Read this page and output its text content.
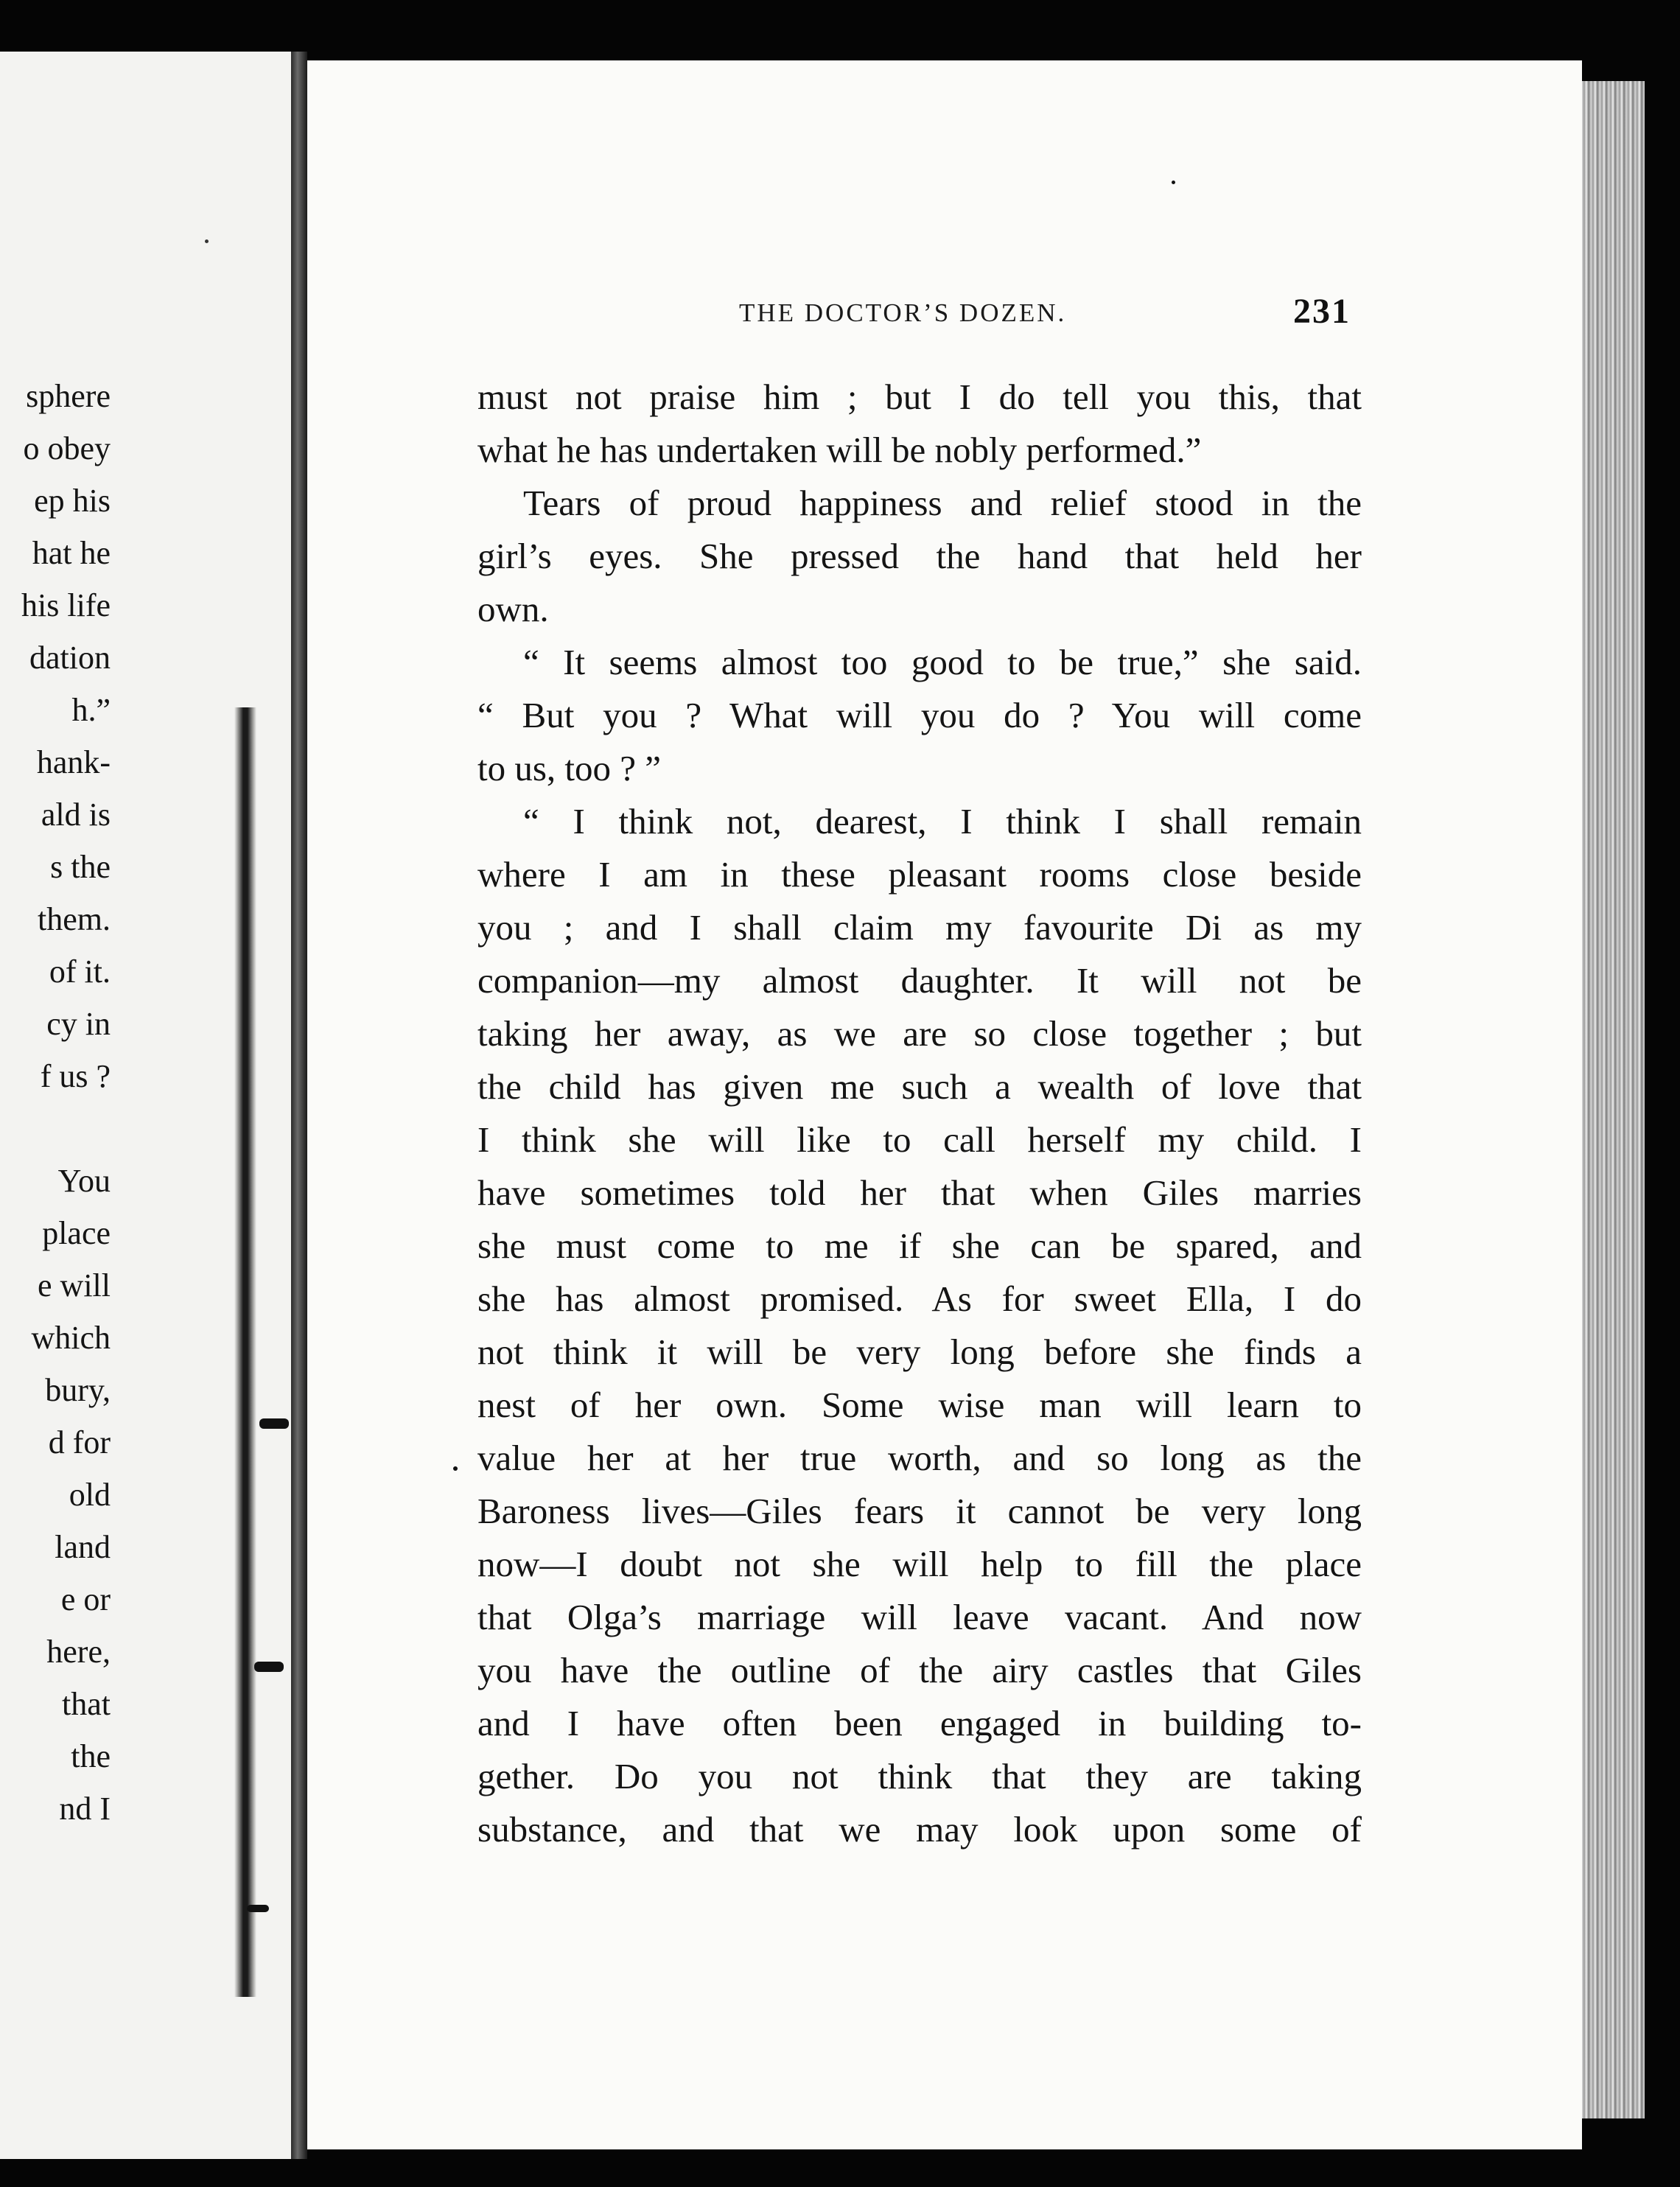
sphere
o obey
ep his
hat he
his life
dation
h.”
hank-
ald is
s the
them.
of it.
cy in
f us ?
You
place
e will
which
bury,
d for
old
land
e or
here,
that
the
nd I
THE DOCTOR’S DOZEN.	231
must not praise him ; but I do tell you this, that
what he has undertaken will be nobly performed.”
Tears of proud happiness and relief stood in the
girl’s eyes. She pressed the hand that held her
own.
“ It seems almost too good to be true,” she said.
“ But you ? What will you do ? You will come
to us, too ? ”
“ I think not, dearest, I think I shall remain
where I am in these pleasant rooms close beside
you ; and I shall claim my favourite Di as my
companion—my almost daughter. It will not be
taking her away, as we are so close together ; but
the child has given me such a wealth of love that
I think she will like to call herself my child. I
have sometimes told her that when Giles marries
she must come to me if she can be spared, and
she has almost promised. As for sweet Ella, I do
not think it will be very long before she finds a
nest of her own. Some wise man will learn to
value her at her true worth, and so long as the
Baroness lives—Giles fears it cannot be very long
now—I doubt not she will help to fill the place
that Olga’s marriage will leave vacant. And now
you have the outline of the airy castles that Giles
and I have often been engaged in building to-
gether. Do you not think that they are taking
substance, and that we may look upon some of
